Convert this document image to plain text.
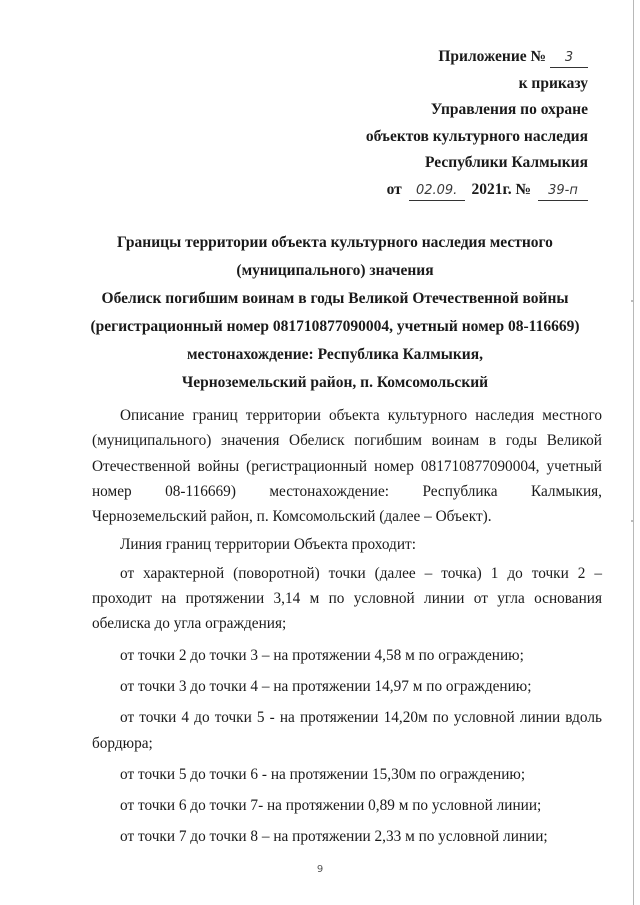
Приложение № 3
к приказу
Управления по охране
объектов культурного наследия
Республики Калмыкия
от 02.09. 2021г. № 39-п
Границы территории объекта культурного наследия местного
(муниципального) значения
Обелиск погибшим воинам в годы Великой Отечественной войны
(регистрационный номер 081710877090004, учетный номер 08-116669)
местонахождение: Республика Калмыкия,
Черноземельский район, п. Комсомольский

Описание границ территории объекта культурного наследия местного (муниципального) значения Обелиск погибшим воинам в годы Великой Отечественной войны (регистрационный номер 081710877090004, учетный номер 08-116669) местонахождение: Республика Калмыкия, Черноземельский район, п. Комсомольский (далее – Объект).

Линия границ территории Объекта проходит:

от характерной (поворотной) точки (далее – точка) 1 до точки 2 – проходит на протяжении 3,14 м по условной линии от угла основания обелиска до угла ограждения;

от точки 2 до точки 3 – на протяжении 4,58 м по ограждению;

от точки 3 до точки 4 – на протяжении 14,97 м по ограждению;

от точки 4 до точки 5 - на протяжении 14,20м по условной линии вдоль бордюра;

от точки 5 до точки 6 - на протяжении 15,30м по ограждению;

от точки 6 до точки 7- на протяжении 0,89 м по условной линии;

от точки 7 до точки 8 – на протяжении 2,33 м по условной линии;

9
